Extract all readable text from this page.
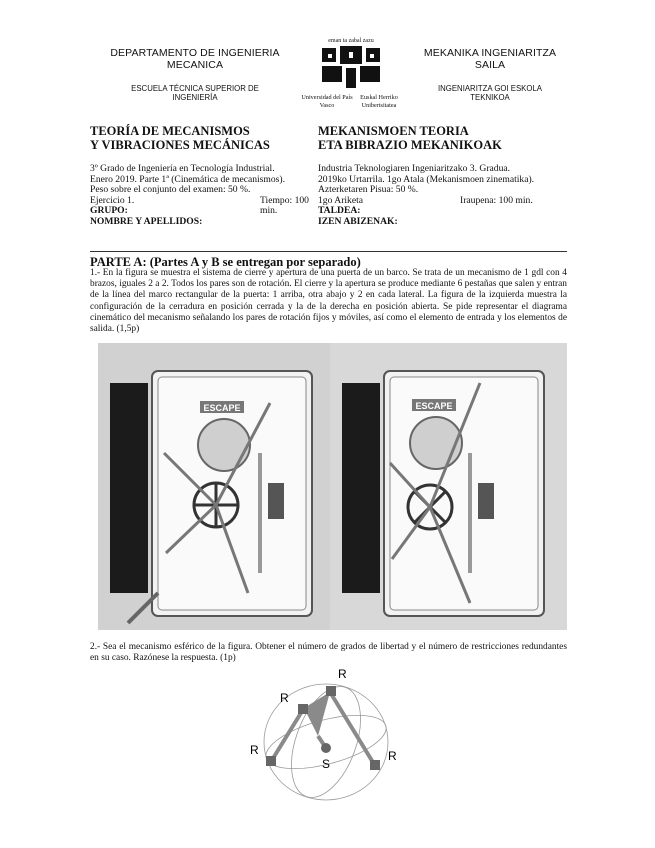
DEPARTAMENTO DE INGENIERIA MECANICA
ESCUELA TÉCNICA SUPERIOR DE INGENIERÍA
eman ta zabal zazu
Universidad del País Vasco
Euskal Herriko Unibertsitatea
MEKANIKA INGENIARITZA SAILA
INGENIARITZA GOI ESKOLA TEKNIKOA
TEORÍA DE MECANISMOS
Y VIBRACIONES MECÁNICAS
MEKANISMOEN TEORIA
ETA BIBRAZIO MEKANIKOAK
3º Grado de Ingeniería en Tecnología Industrial.
Enero 2019. Parte 1ª (Cinemática de mecanismos).
Peso sobre el conjunto del examen: 50 %.
Ejercicio 1.	Tiempo: 100 min.
GRUPO:
NOMBRE Y APELLIDOS:
Industria Teknologiaren Ingeniaritzako 3. Gradua.
2019ko Urtarrila. 1go Atala (Mekanismoen zinematika).
Azterketaren Pisua: 50 %.
1go Ariketa	Iraupena: 100 min.
TALDEA:
IZEN ABIZENAK:
PARTE A: (Partes A y B se entregan por separado)
1.- En la figura se muestra el sistema de cierre y apertura de una puerta de un barco. Se trata de un mecanismo de 1 gdl con 4 brazos, iguales 2 a 2. Todos los pares son de rotación. El cierre y la apertura se produce mediante 6 pestañas que salen y entran de la línea del marco rectangular de la puerta: 1 arriba, otra abajo y 2 en cada lateral. La figura de la izquierda muestra la configuración de la cerradura en posición cerrada y la de la derecha en posición abierta. Se pide representar el diagrama cinemático del mecanismo señalando los pares de rotación fijos y móviles, así como el elemento de entrada y los elementos de salida. (1,5p)
ESCAPE	ESCAPE
2.- Sea el mecanismo esférico de la figura. Obtener el número de grados de libertad y el número de restricciones redundantes en su caso. Razónese la respuesta. (1p)
R
R
R	R
S
